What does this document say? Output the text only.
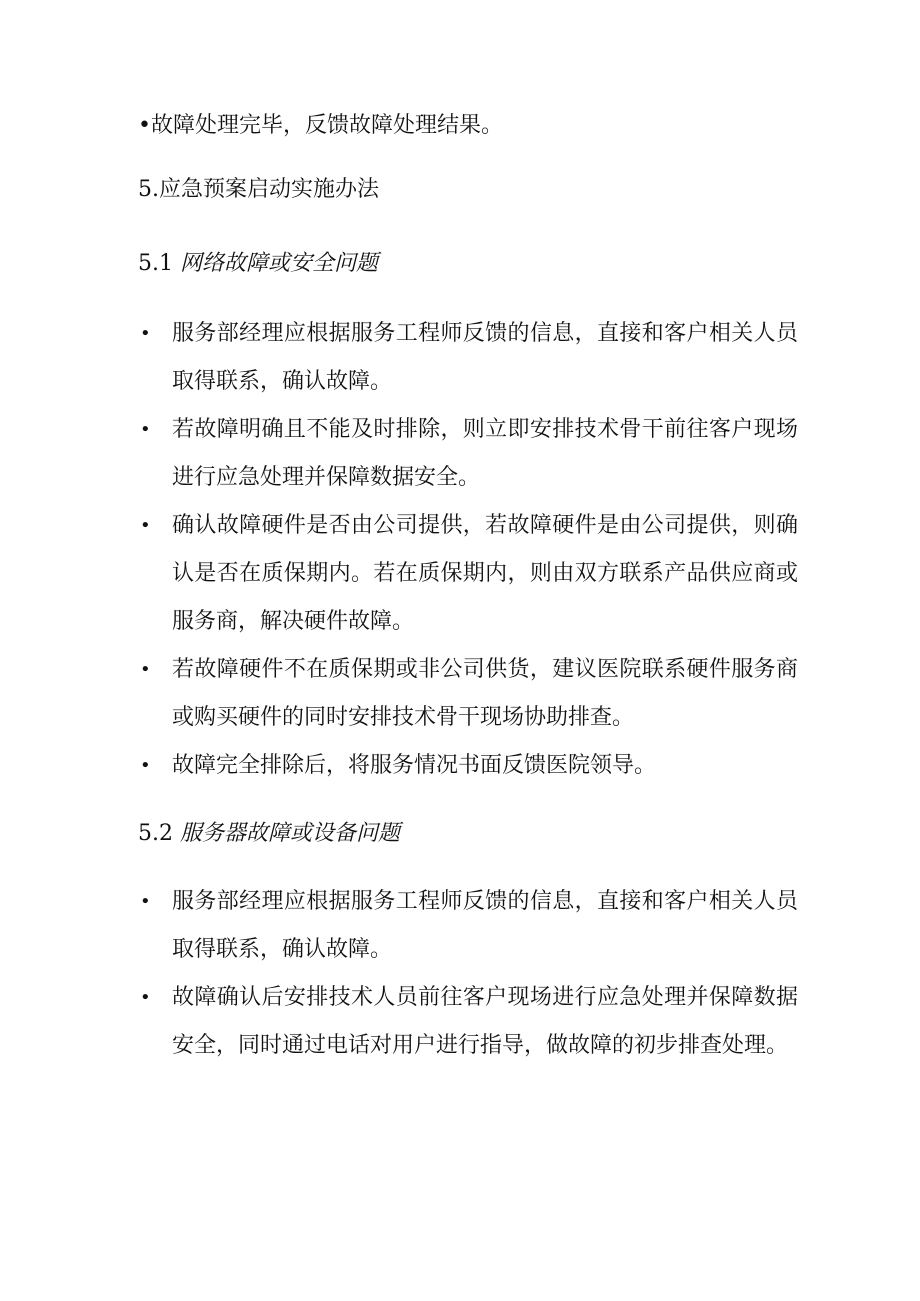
•故障处理完毕，反馈故障处理结果。
5.应急预案启动实施办法
5.1 网络故障或安全问题
• 服务部经理应根据服务工程师反馈的信息，直接和客户相关人员取得联系，确认故障。
• 若故障明确且不能及时排除，则立即安排技术骨干前往客户现场进行应急处理并保障数据安全。
• 确认故障硬件是否由公司提供，若故障硬件是由公司提供，则确认是否在质保期内。若在质保期内，则由双方联系产品供应商或服务商，解决硬件故障。
• 若故障硬件不在质保期或非公司供货，建议医院联系硬件服务商或购买硬件的同时安排技术骨干现场协助排查。
• 故障完全排除后，将服务情况书面反馈医院领导。
5.2 服务器故障或设备问题
• 服务部经理应根据服务工程师反馈的信息，直接和客户相关人员取得联系，确认故障。
• 故障确认后安排技术人员前往客户现场进行应急处理并保障数据安全，同时通过电话对用户进行指导，做故障的初步排查处理。
